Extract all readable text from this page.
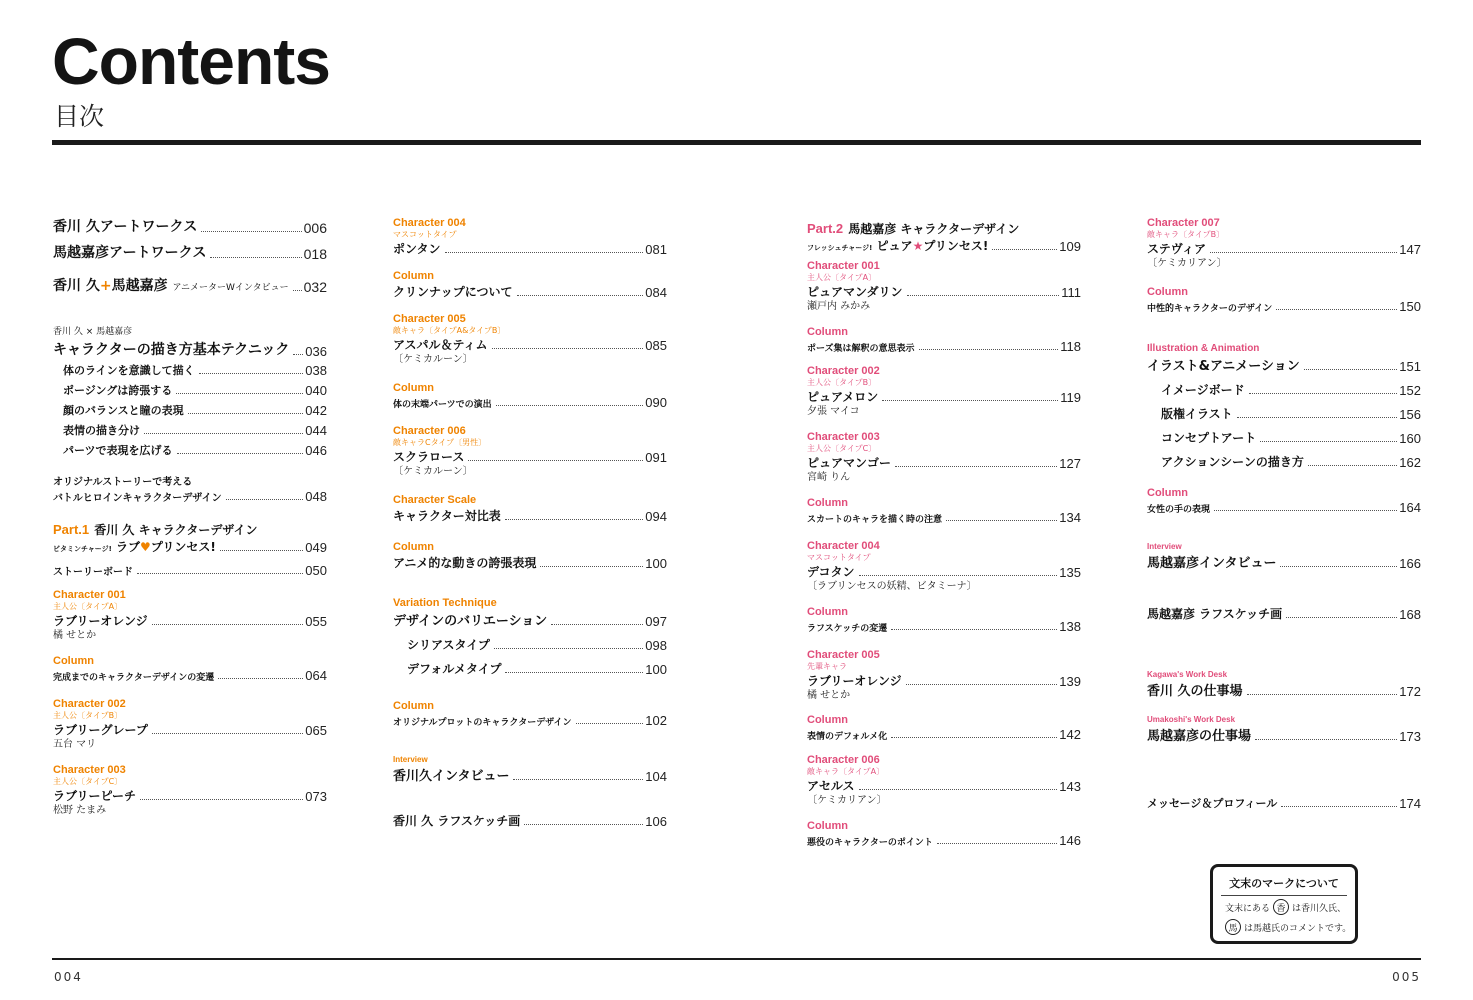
Contents
目次
香川 久アートワークス	006
馬越嘉彦アートワークス	018
香川 久+馬越嘉彦 アニメーターWインタビュー 032
香川 久 × 馬越嘉彦
キャラクターの描き方基本テクニック 036
体のラインを意識して描く	038
ポージングは誇張する	040
顔のバランスと瞳の表現	042
表情の描き分け	044
パーツで表現を広げる	046
オリジナルストーリーで考える
バトルヒロインキャラクターデザイン	048
Part.1 香川 久 キャラクターデザイン
ビタミンチャージ! ラブ♥プリンセス!	049
ストーリーボード	050
Character 001
主人公〔タイプA〕
ラブリーオレンジ	055
橘 せとか
Column
完成までのキャラクターデザインの変遷	064
Character 002
主人公〔タイプB〕
ラブリーグレープ	065
五台 マリ
Character 003
主人公〔タイプC〕
ラブリーピーチ	073
松野 たまみ
Character 004
マスコットタイプ
ポンタン	081
Column
クリンナップについて	084
Character 005
敵キャラ〔タイプA&タイプB〕
アスパル＆ティム	085
〔ケミカルーン〕
Column
体の末端パーツでの演出	090
Character 006
敵キャラCタイプ〔男性〕
スクラロース	091
〔ケミカルーン〕
Character Scale
キャラクター対比表	094
Column
アニメ的な動きの誇張表現	100
Variation Technique
デザインのバリエーション	097
シリアスタイプ	098
デフォルメタイプ	100
Column
オリジナルプロットのキャラクターデザイン	102
Interview
香川久インタビュー	104
香川 久 ラフスケッチ画	106
Part.2 馬越嘉彦 キャラクターデザイン
フレッシュチャージ! ピュア★プリンセス!	109
Character 001
主人公〔タイプA〕
ピュアマンダリン	111
瀬戸内 みかみ
Column
ポーズ集は解釈の意思表示	118
Character 002
主人公〔タイプB〕
ピュアメロン	119
夕張 マイコ
Character 003
主人公〔タイプC〕
ピュアマンゴー	127
宮崎 りん
Column
スカートのキャラを描く時の注意	134
Character 004
マスコットタイプ
デコタン	135
〔ラブリンセスの妖精、ビタミーナ〕
Column
ラフスケッチの変遷	138
Character 005
先輩キャラ
ラブリーオレンジ	139
橘 せとか
Column
表情のデフォルメ化	142
Character 006
敵キャラ〔タイプA〕
アセルス	143
〔ケミカリアン〕
Column
悪役のキャラクターのポイント	146
Character 007
敵キャラ〔タイプB〕
ステヴィア	147
〔ケミカリアン〕
Column
中性的キャラクターのデザイン	150
Illustration & Animation
イラスト&アニメーション	151
イメージボード	152
版権イラスト	156
コンセプトアート	160
アクションシーンの描き方	162
Column
女性の手の表現	164
Interview
馬越嘉彦インタビュー	166
馬越嘉彦 ラフスケッチ画	168
Kagawa's Work Desk
香川 久の仕事場	172
Umakoshi's Work Desk
馬越嘉彦の仕事場	173
メッセージ＆プロフィール	174
文末のマークについて
文末にある 香 は香川久氏、
馬 は馬越氏のコメントです。
004	005
